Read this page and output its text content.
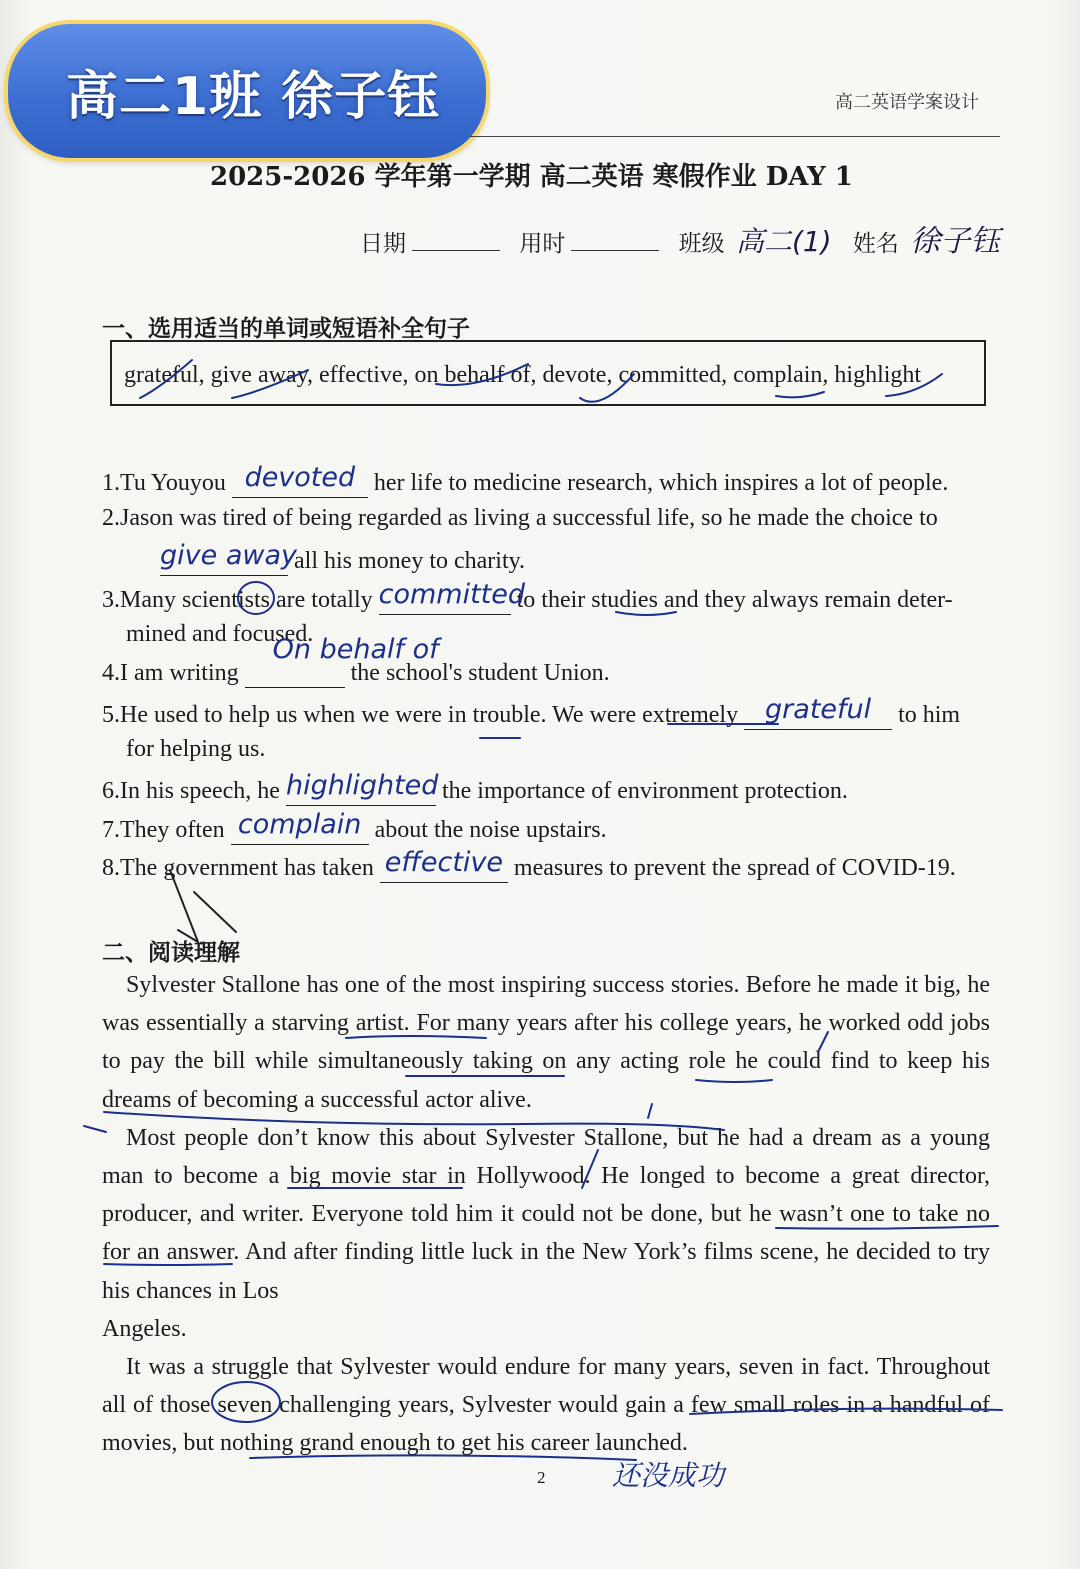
高二1班 徐子钰	高二英语学案设计
2025-2026 学年第一学期 高二英语 寒假作业 DAY 1
日期	用时	班级 高二(1) 姓名 徐子钰
一、选用适当的单词或短语补全句子
grateful, give away, effective, on behalf of, devote, committed, complain, highlight
1.Tu Youyou devoted her life to medicine research, which inspires a lot of people.
2.Jason was tired of being regarded as living a successful life, so he made the choice to
give away all his money to charity.
3.Many scientists are totally committed to their studies and they always remain deter-
mined and focused.
4.I am writing
On behalf of
the school's student Union.
5.He used to help us when we were in trouble. We were extremely grateful to him
for helping us.
6.In his speech, he highlighted the importance of environment protection.
7.They often complain about the noise upstairs.
8.The government has taken effective measures to prevent the spread of COVID-19.
二、阅读理解

Sylvester Stallone has one of the most inspiring success stories. Before he made it big, he was essentially a starving artist. For many years after his college years, he worked odd jobs to pay the bill while simultaneously taking on any acting role he could find to keep his dreams of becoming a successful actor alive.

Most people don’t know this about Sylvester Stallone, but he had a dream as a young man to become a big movie star in Hollywood. He longed to become a great director, producer, and writer. Everyone told him it could not be done, but he wasn’t one to take no for an answer. And after finding little luck in the New York’s films scene, he decided to try his chances in Los

Angeles.

It was a struggle that Sylvester would endure for many years, seven in fact. Throughout all of those seven challenging years, Sylvester would gain a few small roles in a handful of movies, but nothing grand enough to get his career launched.

2 还没成功
